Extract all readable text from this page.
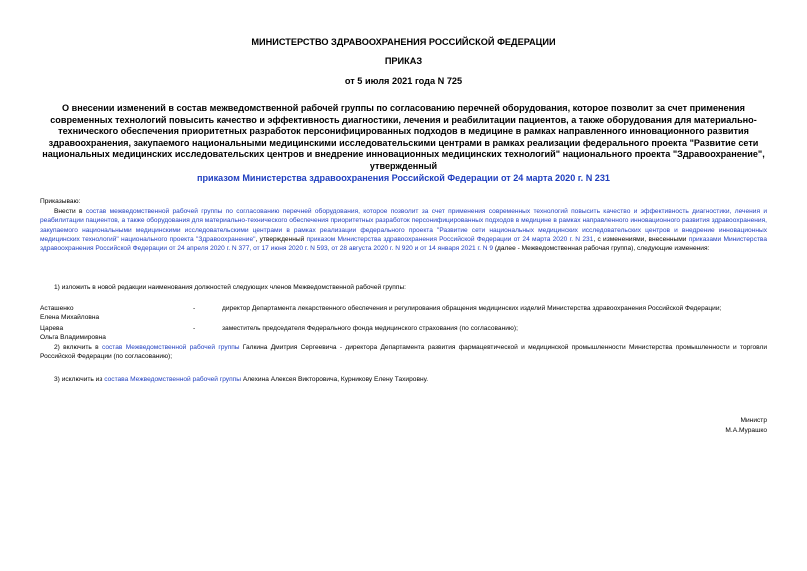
МИНИСТЕРСТВО ЗДРАВООХРАНЕНИЯ РОССИЙСКОЙ ФЕДЕРАЦИИ
ПРИКАЗ
от 5 июля 2021 года N 725
О внесении изменений в состав межведомственной рабочей группы по согласованию перечней оборудования, которое позволит за счет применения современных технологий повысить качество и эффективность диагностики, лечения и реабилитации пациентов, а также оборудования для материально-технического обеспечения приоритетных разработок персонифицированных подходов в медицине в рамках направленного инновационного развития здравоохранения, закупаемого национальными медицинскими исследовательскими центрами в рамках реализации федерального проекта "Развитие сети национальных медицинских исследовательских центров и внедрение инновационных медицинских технологий" национального проекта "Здравоохранение", утвержденный
приказом Министерства здравоохранения Российской Федерации от 24 марта 2020 г. N 231
Приказываю:
Внести в состав межведомственной рабочей группы по согласованию перечней оборудования, которое позволит за счет применения современных технологий повысить качество и эффективность диагностики, лечения и реабилитации пациентов, а также оборудования для материально-технического обеспечения приоритетных разработок персонифицированных подходов в медицине в рамках направленного инновационного развития здравоохранения, закупаемого национальными медицинскими исследовательскими центрами в рамках реализации федерального проекта "Развитие сети национальных медицинских исследовательских центров и внедрение инновационных медицинских технологий" национального проекта "Здравоохранение", утвержденный приказом Министерства здравоохранения Российской Федерации от 24 марта 2020 г. N 231, с изменениями, внесенными приказами Министерства здравоохранения Российской Федерации от 24 апреля 2020 г. N 377, от 17 июня 2020 г. N 593, от 28 августа 2020 г. N 920 и от 14 января 2021 г. N 9 (далее - Межведомственная рабочая группа), следующие изменения:
1) изложить в новой редакции наименования должностей следующих членов Межведомственной рабочей группы:
Асташенко
Елена Михайловна
-	директор Департамента лекарственного обеспечения и регулирования обращения медицинских изделий Министерства здравоохранения Российской Федерации;
Царева
Ольга Владимировна
-	заместитель председателя Федерального фонда медицинского страхования (по согласованию);
2) включить в состав Межведомственной рабочей группы Галкина Дмитрия Сергеевича - директора Департамента развития фармацевтической и медицинской промышленности Министерства промышленности и торговли Российской Федерации (по согласованию);
3) исключить из состава Межведомственной рабочей группы Алехина Алексея Викторовича, Курникову Елену Тахировну.
Министр
М.А.Мурашко
